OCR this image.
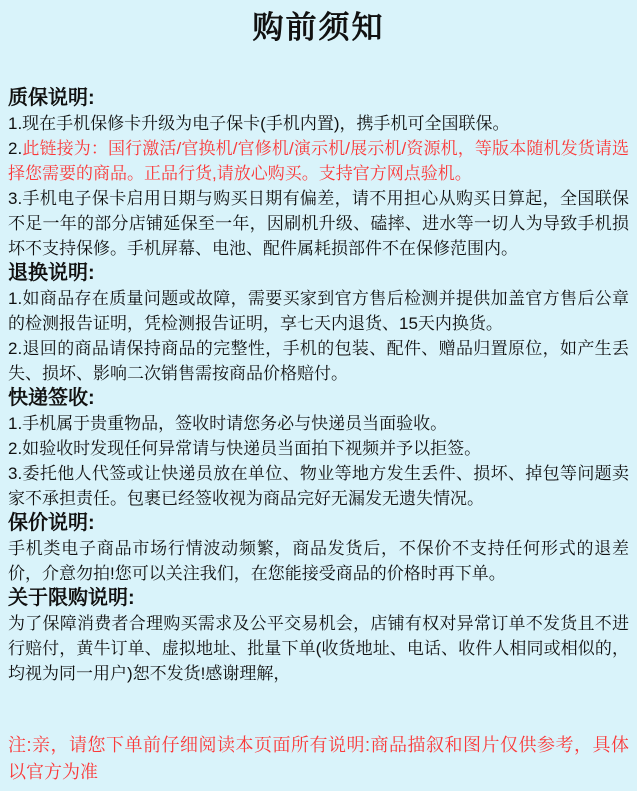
购前须知
质保说明:

1.现在手机保修卡升级为电子保卡(手机内置)，携手机可全国联保。

2.此链接为：国行激活/官换机/官修机/演示机/展示机/资源机，等版本随机发货请选择您需要的商品。正品行货,请放心购买。支持官方网点验机。

3.手机电子保卡启用日期与购买日期有偏差，请不用担心从购买日算起，全国联保不足一年的部分店铺延保至一年，因刷机升级、磕摔、进水等一切人为导致手机损坏不支持保修。手机屏幕、电池、配件属耗损部件不在保修范围内。

退换说明:

1.如商品存在质量问题或故障，需要买家到官方售后检测并提供加盖官方售后公章的检测报告证明，凭检测报告证明，享七天内退货、15天内换货。

2.退回的商品请保持商品的完整性，手机的包装、配件、赠品归置原位，如产生丢失、损坏、影响二次销售需按商品价格赔付。

快递签收:

1.手机属于贵重物品，签收时请您务必与快递员当面验收。

2.如验收时发现任何异常请与快递员当面拍下视频并予以拒签。

3.委托他人代签或让快递员放在单位、物业等地方发生丢件、损坏、掉包等问题卖家不承担责任。包裹已经签收视为商品完好无漏发无遗失情况。

保价说明:

手机类电子商品市场行情波动频繁，商品发货后，不保价不支持任何形式的退差价，介意勿拍!您可以关注我们，在您能接受商品的价格时再下单。

关于限购说明:

为了保障消费者合理购买需求及公平交易机会，店铺有权对异常订单不发货且不进行赔付，黄牛订单、虚拟地址、批量下单(收货地址、电话、收件人相同或相似的，均视为同一用户)恕不发货!感谢理解，

注:亲，请您下单前仔细阅读本页面所有说明:商品描叙和图片仅供参考，具体以官方为准
